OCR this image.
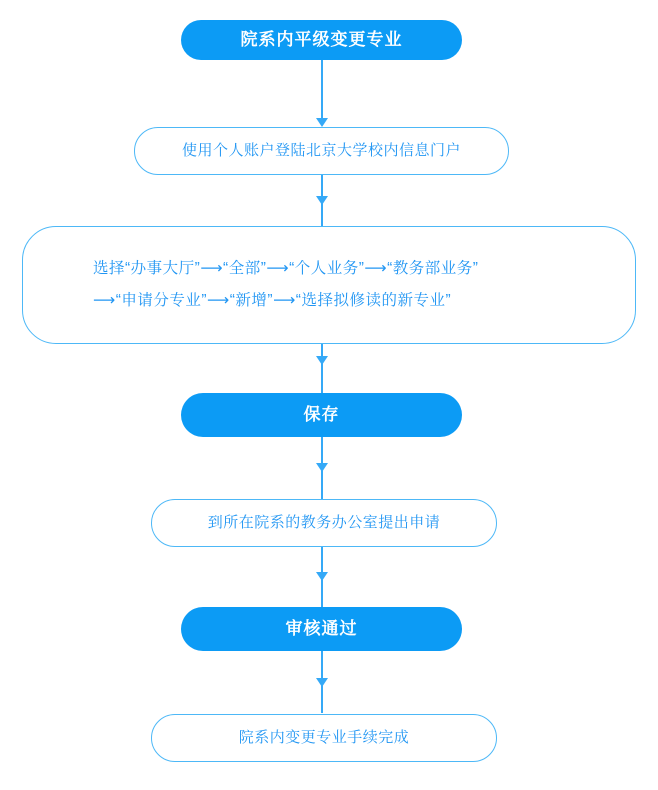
院系内平级变更专业
使用个人账户登陆北京大学校内信息门户
选择“办事大厅”⟶“全部”⟶“个人业务”⟶“教务部业务”
⟶“申请分专业”⟶“新增”⟶“选择拟修读的新专业”
保存
到所在院系的教务办公室提出申请
审核通过
院系内变更专业手续完成
